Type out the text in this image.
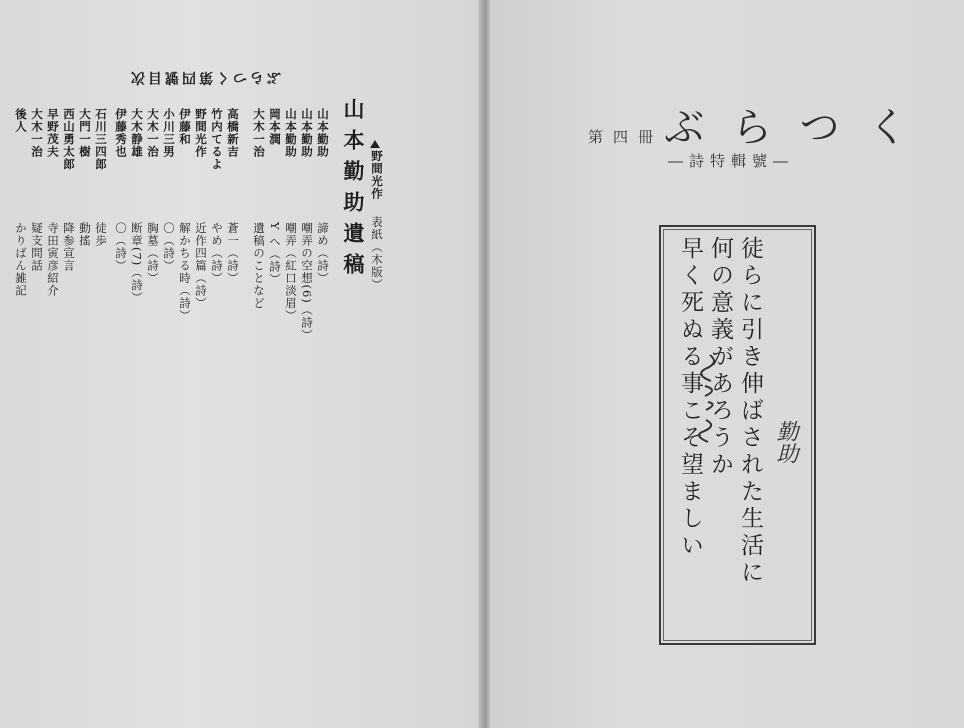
ぶらつく第四號目次
山本勤助遺稿 野間光作
表紙（木版）
山本勤助
諦め（詩）
山本勤助
嘲弄の空想(6)（詩）
山本勤助
嘲弄（紅口淡眉）
岡本潤
Y へ（詩）
大木一治
遺稿のことなど
高橋新吉
蒼一（詩）
竹内てるよ
やめ（詩）
野間光作
近作四篇（詩）
伊藤和
解かちる時（詩）
小川三男
〇（詩）
大木一治
胸墓（詩）
大木静雄
断章(7)（詩）
伊藤秀也
〇（詩）
石川三四郎
徒歩
大門一樹
動搖
西山勇太郎
降参宣言
早野茂夫
寺田寅彦紹介
大木一治
疑支問話
後人
かりばん雑記
ぶらつく
第四冊
―詩特輯號―
徒らに引き伸ばされた生活に
何の意義があろうか
早く死ぬる事こそ望ましい	勤助
